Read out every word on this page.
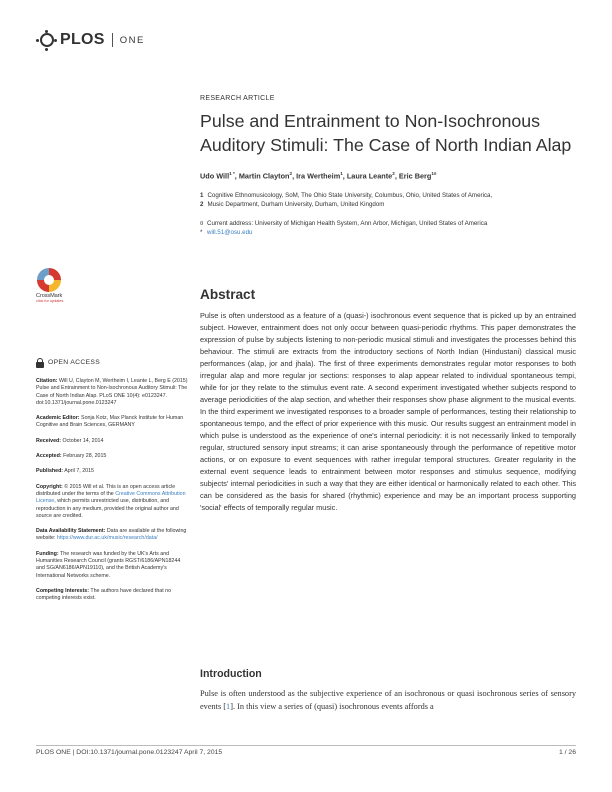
PLOS ONE
CrossMark
click for updates
OPEN ACCESS
Citation: Will U, Clayton M, Wertheim I, Leante L, Berg E (2015) Pulse and Entrainment to Non-Isochronous Auditory Stimuli: The Case of North Indian Alap. PLoS ONE 10(4): e0123247. doi:10.1371/journal.pone.0123247
Academic Editor: Sonja Kotz, Max Planck Institute for Human Cognitive and Brain Sciences, GERMANY
Received: October 14, 2014
Accepted: February 28, 2015
Published: April 7, 2015
Copyright: © 2015 Will et al. This is an open access article distributed under the terms of the Creative Commons Attribution License, which permits unrestricted use, distribution, and reproduction in any medium, provided the original author and source are credited.
Data Availability Statement: Data are available at the following website: https://www.dur.ac.uk/music/research/data/
Funding: The research was funded by the UK's Arts and Humanities Research Council (grants RGST/6186/APN18244 and SG/AN6186/APN19110), and the British Academy's International Networks scheme.
Competing Interests: The authors have declared that no competing interests exist.
RESEARCH ARTICLE
Pulse and Entrainment to Non-Isochronous Auditory Stimuli: The Case of North Indian Alap
Udo Will$^{1 *}$, Martin Clayton$^2$, Ira Wertheim$^1$, Laura Leante$^2$, Eric Berg$^{1¤}$
1 Cognitive Ethnomusicology, SoM, The Ohio State University, Columbus, Ohio, United States of America,
2 Music Department, Durham University, Durham, United Kingdom
¤ Current address: University of Michigan Health System, Ann Arbor, Michigan, United States of America
* will.51@osu.edu
Abstract

Pulse is often understood as a feature of a (quasi-) isochronous event sequence that is picked up by an entrained subject. However, entrainment does not only occur between quasi-periodic rhythms. This paper demonstrates the expression of pulse by subjects listening to non-periodic musical stimuli and investigates the processes behind this behaviour. The stimuli are extracts from the introductory sections of North Indian (Hindustani) classical music performances (alap, jor and jhala). The first of three experiments demonstrates regular motor responses to both irregular alap and more regular jor sections: responses to alap appear related to individual spontaneous tempi, while for jor they relate to the stimulus event rate. A second experiment investigated whether subjects respond to average periodicities of the alap section, and whether their responses show phase alignment to the musical events. In the third experiment we investigated responses to a broader sample of performances, testing their relationship to spontaneous tempo, and the effect of prior experience with this music. Our results suggest an entrainment model in which pulse is understood as the experience of one's internal periodicity: it is not necessarily linked to temporally regular, structured sensory input streams; it can arise spontaneously through the performance of repetitive motor actions, or on exposure to event sequences with rather irregular temporal structures. Greater regularity in the external event sequence leads to entrainment between motor responses and stimulus sequence, modifying subjects' internal periodicities in such a way that they are either identical or harmonically related to each other. This can be considered as the basis for shared (rhythmic) experience and may be an important process supporting 'social' effects of temporally regular music.

Introduction

Pulse is often understood as the subjective experience of an isochronous or quasi isochronous series of sensory events [1]. In this view a series of (quasi) isochronous events affords a

PLOS ONE | DOI:10.1371/journal.pone.0123247 April 7, 2015	1 / 26
